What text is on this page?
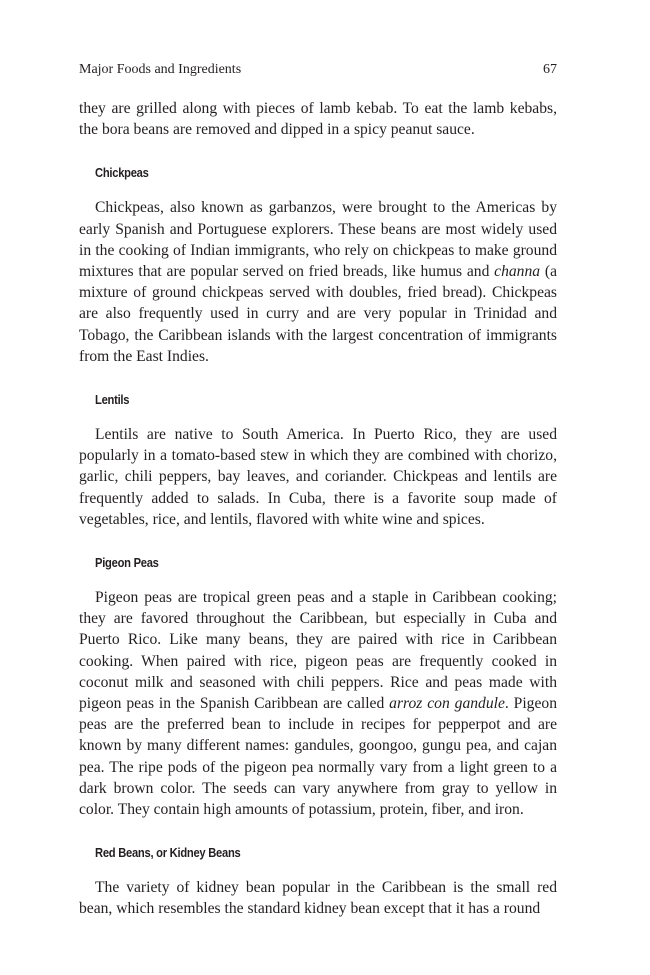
Major Foods and Ingredients	67

they are grilled along with pieces of lamb kebab. To eat the lamb kebabs, the bora beans are removed and dipped in a spicy peanut sauce.

Chickpeas

Chickpeas, also known as garbanzos, were brought to the Americas by early Spanish and Portuguese explorers. These beans are most widely used in the cooking of Indian immigrants, who rely on chickpeas to make ground mixtures that are popular served on fried breads, like humus and channa (a mixture of ground chickpeas served with doubles, fried bread). Chickpeas are also frequently used in curry and are very popular in Trinidad and Tobago, the Caribbean islands with the largest concentration of immigrants from the East Indies.

Lentils

Lentils are native to South America. In Puerto Rico, they are used popularly in a tomato-based stew in which they are combined with chorizo, garlic, chili peppers, bay leaves, and coriander. Chickpeas and lentils are frequently added to salads. In Cuba, there is a favorite soup made of vegetables, rice, and lentils, flavored with white wine and spices.

Pigeon Peas

Pigeon peas are tropical green peas and a staple in Caribbean cooking; they are favored throughout the Caribbean, but especially in Cuba and Puerto Rico. Like many beans, they are paired with rice in Caribbean cooking. When paired with rice, pigeon peas are frequently cooked in coconut milk and seasoned with chili peppers. Rice and peas made with pigeon peas in the Spanish Caribbean are called arroz con gandule. Pigeon peas are the preferred bean to include in recipes for pepperpot and are known by many different names: gandules, goongoo, gungu pea, and cajan pea. The ripe pods of the pigeon pea normally vary from a light green to a dark brown color. The seeds can vary anywhere from gray to yellow in color. They contain high amounts of potassium, protein, fiber, and iron.

Red Beans, or Kidney Beans

The variety of kidney bean popular in the Caribbean is the small red bean, which resembles the standard kidney bean except that it has a round
